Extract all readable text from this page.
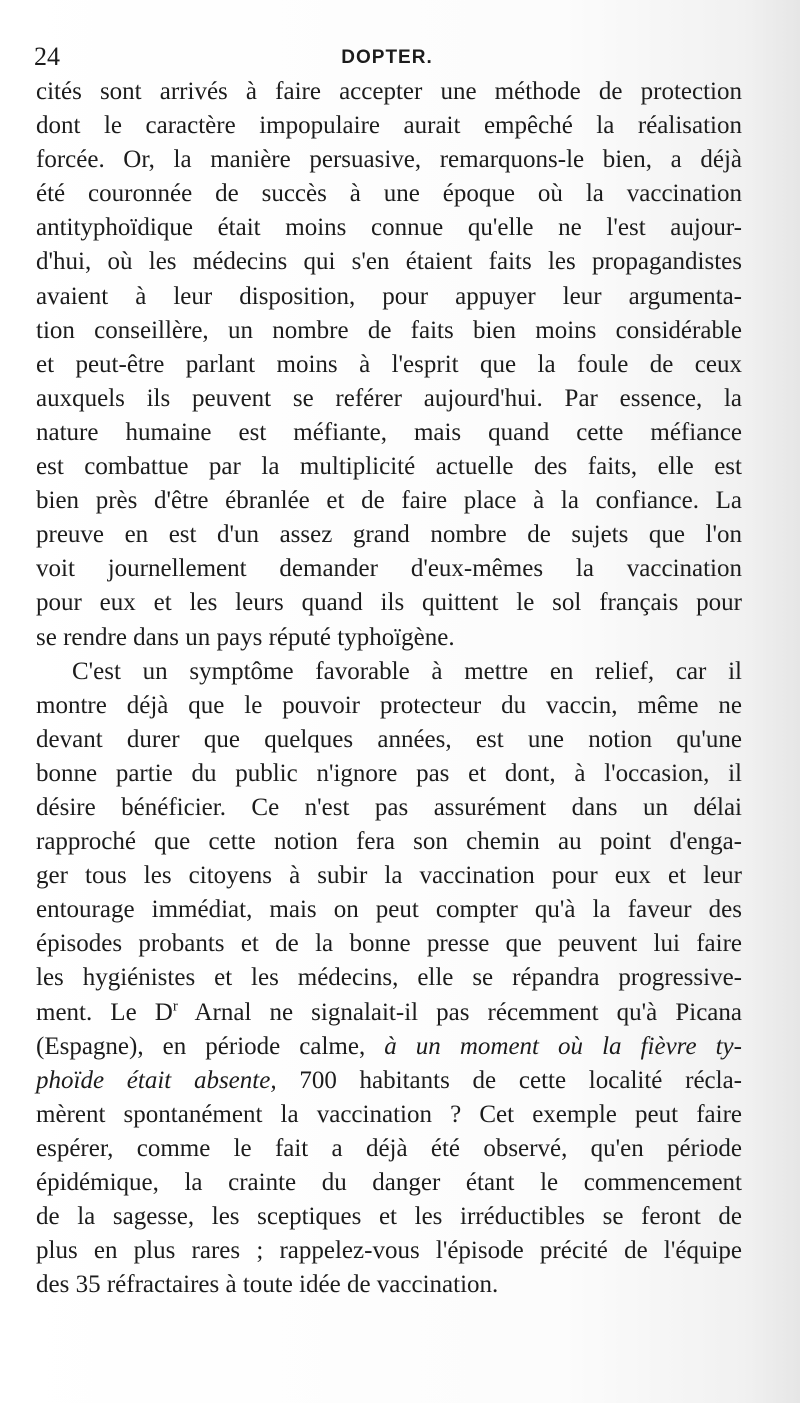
24	DOPTER.
cités sont arrivés à faire accepter une méthode de protection
dont le caractère impopulaire aurait empêché la réalisation
forcée. Or, la manière persuasive, remarquons-le bien, a déjà
été couronnée de succès à une époque où la vaccination
antityphoïdique était moins connue qu'elle ne l'est aujour-
d'hui, où les médecins qui s'en étaient faits les propagandistes
avaient à leur disposition, pour appuyer leur argumenta-
tion conseillère, un nombre de faits bien moins considérable
et peut-être parlant moins à l'esprit que la foule de ceux
auxquels ils peuvent se reférer aujourd'hui. Par essence, la
nature humaine est méfiante, mais quand cette méfiance
est combattue par la multiplicité actuelle des faits, elle est
bien près d'être ébranlée et de faire place à la confiance. La
preuve en est d'un assez grand nombre de sujets que l'on
voit journellement demander d'eux-mêmes la vaccination
pour eux et les leurs quand ils quittent le sol français pour
se rendre dans un pays réputé typhoïgène.
C'est un symptôme favorable à mettre en relief, car il
montre déjà que le pouvoir protecteur du vaccin, même ne
devant durer que quelques années, est une notion qu'une
bonne partie du public n'ignore pas et dont, à l'occasion, il
désire bénéficier. Ce n'est pas assurément dans un délai
rapproché que cette notion fera son chemin au point d'enga-
ger tous les citoyens à subir la vaccination pour eux et leur
entourage immédiat, mais on peut compter qu'à la faveur des
épisodes probants et de la bonne presse que peuvent lui faire
les hygiénistes et les médecins, elle se répandra progressive-
ment. Le $D^r$ Arnal ne signalait-il pas récemment qu'à Picana
(Espagne), en période calme, à un moment où la fièvre ty-
phoïde était absente, 700 habitants de cette localité récla-
mèrent spontanément la vaccination ? Cet exemple peut faire
espérer, comme le fait a déjà été observé, qu'en période
épidémique, la crainte du danger étant le commencement
de la sagesse, les sceptiques et les irréductibles se feront de
plus en plus rares ; rappelez-vous l'épisode précité de l'équipe
des 35 réfractaires à toute idée de vaccination.
